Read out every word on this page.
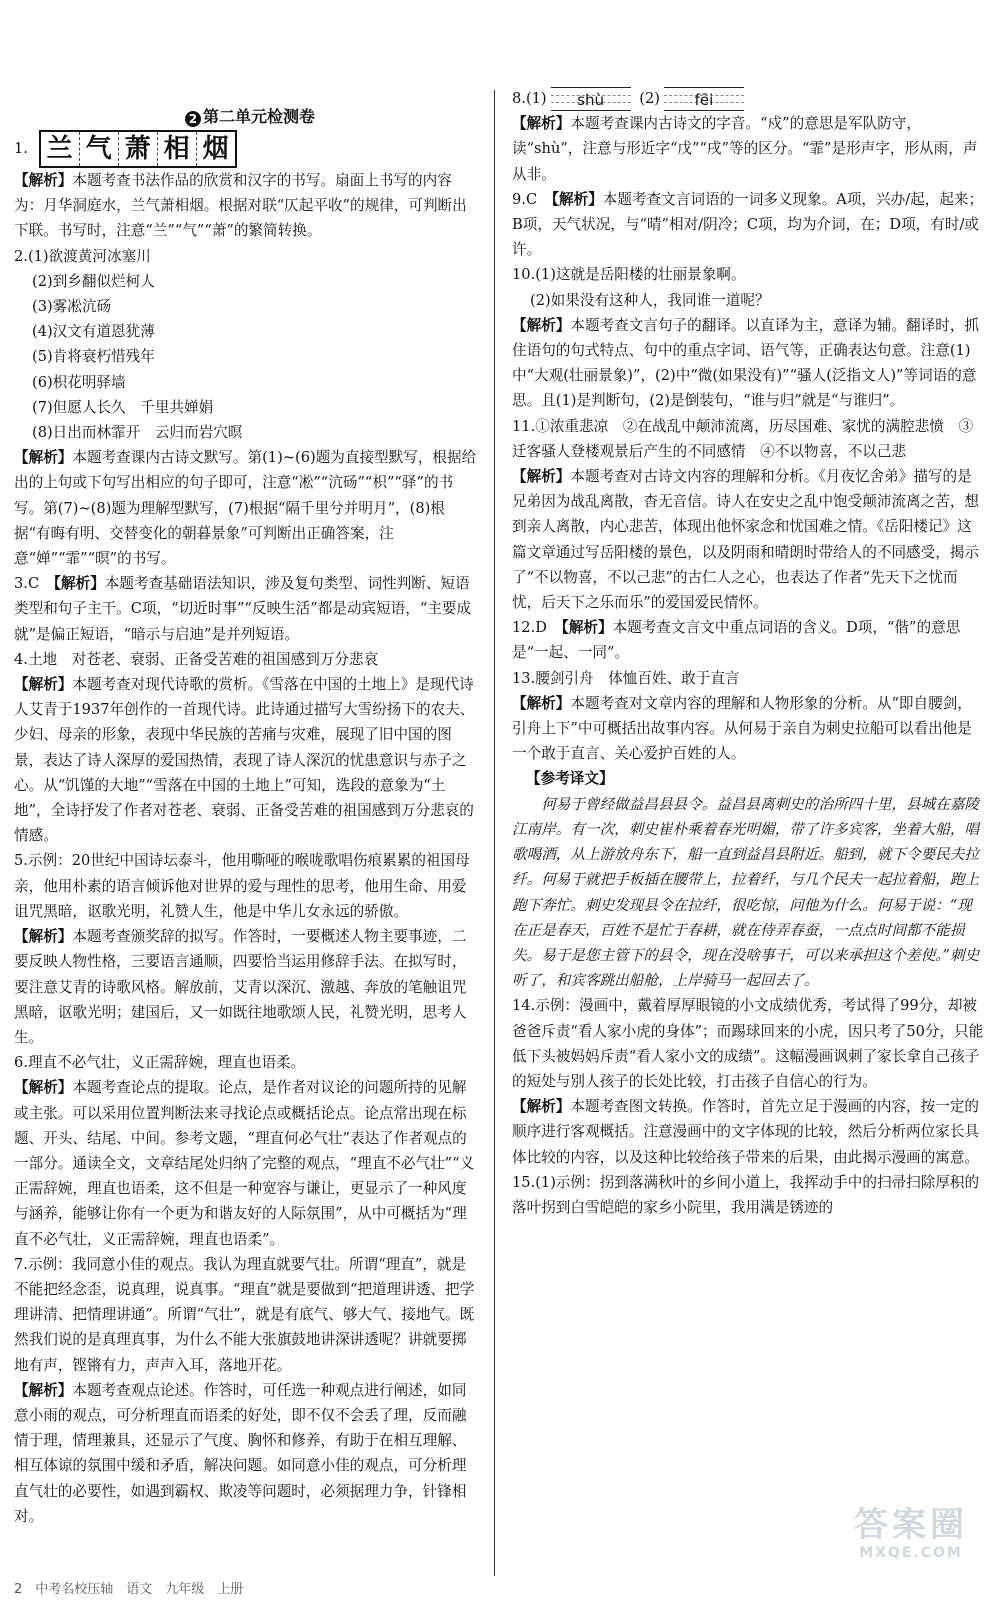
2 第二单元检测卷

1. 兰 气 萧 相 烟

【解析】本题考查书法作品的欣赏和汉字的书写。扇面上书写的内容为：月华洞庭水，兰气萧相烟。根据对联“仄起平收”的规律，可判断出下联。书写时，注意“兰”“气”“萧”的繁简转换。

2.(1)欲渡黄河冰塞川

(2)到乡翻似烂柯人

(3)雾凇沆砀

(4)汉文有道恩犹薄

(5)肯将衰朽惜残年

(6)枳花明驿墙

(7)但愿人长久　千里共婵娟

(8)日出而林霏开　云归而岩穴暝

【解析】本题考查课内古诗文默写。第(1)~(6)题为直接型默写，根据给出的上句或下句写出相应的句子即可，注意“凇”“沆砀”“枳”“驿”的书写。第(7)~(8)题为理解型默写，(7)根据“隔千里兮并明月”，(8)根据“有晦有明、交替变化的朝暮景象”可判断出正确答案，注意“婵”“霏”“暝”的书写。

3.C　 【解析】本题考查基础语法知识，涉及复句类型、词性判断、短语类型和句子主干。C项，“切近时事”“反映生活”都是动宾短语，“主要成就”是偏正短语，“暗示与启迪”是并列短语。

4.土地　对苍老、衰弱、正备受苦难的祖国感到万分悲哀

【解析】本题考查对现代诗歌的赏析。《雪落在中国的土地上》是现代诗人艾青于1937年创作的一首现代诗。此诗通过描写大雪纷扬下的农夫、少妇、母亲的形象，表现中华民族的苦痛与灾难，展现了旧中国的图景，表达了诗人深厚的爱国热情，表现了诗人深沉的忧患意识与赤子之心。从“饥馑的大地”“雪落在中国的土地上”可知，选段的意象为“土地”，全诗抒发了作者对苍老、衰弱、正备受苦难的祖国感到万分悲哀的情感。

5.示例：20世纪中国诗坛泰斗，他用嘶哑的喉咙歌唱伤痕累累的祖国母亲，他用朴素的语言倾诉他对世界的爱与理性的思考，他用生命、用爱诅咒黑暗，讴歌光明，礼赞人生，他是中华儿女永远的骄傲。

【解析】本题考查颁奖辞的拟写。作答时，一要概述人物主要事迹，二要反映人物性格，三要语言通顺，四要恰当运用修辞手法。在拟写时，要注意艾青的诗歌风格。解放前，艾青以深沉、激越、奔放的笔触诅咒黑暗，讴歌光明；建国后，又一如既往地歌颂人民，礼赞光明，思考人生。

6.理直不必气壮，义正需辞婉，理直也语柔。

【解析】本题考查论点的提取。论点，是作者对议论的问题所持的见解或主张。可以采用位置判断法来寻找论点或概括论点。论点常出现在标题、开头、结尾、中间。参考文题，“理直何必气壮”表达了作者观点的一部分。通读全文，文章结尾处归纳了完整的观点，“理直不必气壮”“义正需辞婉，理直也语柔，这不但是一种宽容与谦让，更显示了一种风度与涵养，能够让你有一个更为和谐友好的人际氛围”，从中可概括为“理直不必气壮，义正需辞婉，理直也语柔”。

7.示例：我同意小佳的观点。我认为理直就要气壮。所谓“理直”，就是不能把经念歪，说真理，说真事。“理直”就是要做到“把道理讲透、把学理讲清、把情理讲通”。所谓“气壮”，就是有底气、够大气、接地气。既然我们说的是真理真事，为什么不能大张旗鼓地讲深讲透呢？讲就要掷地有声，铿锵有力，声声入耳，落地开花。

【解析】本题考查观点论述。作答时，可任选一种观点进行阐述，如同意小雨的观点，可分析理直而语柔的好处，即不仅不会丢了理，反而融情于理，情理兼具，还显示了气度、胸怀和修养，有助于在相互理解、相互体谅的氛围中缓和矛盾，解决问题。如同意小佳的观点，可分析理直气壮的必要性，如遇到霸权、欺凌等问题时，必须据理力争，针锋相对。

8.(1) shù (2) fēi

【解析】本题考查课内古诗文的字音。“戍”的意思是军队防守，读“shù”，注意与形近字“戊”“戌”等的区分。“霏”是形声字，形从雨，声从非。

9.C　 【解析】本题考查文言词语的一词多义现象。A项，兴办/起，起来；B项，天气状况，与“晴”相对/阴冷；C项，均为介词，在；D项，有时/或许。

10.(1)这就是岳阳楼的壮丽景象啊。

(2)如果没有这种人，我同谁一道呢？

【解析】本题考查文言句子的翻译。以直译为主，意译为辅。翻译时，抓住语句的句式特点、句中的重点字词、语气等，正确表达句意。注意(1)中“大观(壮丽景象)”，(2)中“微(如果没有)”“骚人(泛指文人)”等词语的意思。且(1)是判断句，(2)是倒装句，“谁与归”就是“与谁归”。

11.①浓重悲凉　②在战乱中颠沛流离，历尽国难、家忧的满腔悲愤　③迁客骚人登楼观景后产生的不同感情　④不以物喜，不以己悲

【解析】本题考查对古诗文内容的理解和分析。《月夜忆舍弟》描写的是兄弟因为战乱离散，杳无音信。诗人在安史之乱中饱受颠沛流离之苦，想到亲人离散，内心悲苦，体现出他怀家念和忧国难之情。《岳阳楼记》这篇文章通过写岳阳楼的景色，以及阴雨和晴朗时带给人的不同感受，揭示了“不以物喜，不以己悲”的古仁人之心，也表达了作者“先天下之忧而忧，后天下之乐而乐”的爱国爱民情怀。

12.D　 【解析】本题考查文言文中重点词语的含义。D项，“偕”的意思是“一起、一同”。

13.腰剑引舟　体恤百姓、敢于直言

【解析】本题考查对文章内容的理解和人物形象的分析。从“即自腰剑，引舟上下”中可概括出故事内容。从何易于亲自为刺史拉船可以看出他是一个敢于直言、关心爱护百姓的人。

【参考译文】

何易于曾经做益昌县县令。益昌县离刺史的治所四十里，县城在嘉陵江南岸。有一次，刺史崔朴乘着春光明媚，带了许多宾客，坐着大船，唱歌喝酒，从上游放舟东下，船一直到益昌县附近。船到，就下令要民夫拉纤。何易于就把手板插在腰带上，拉着纤，与几个民夫一起拉着船，跑上跑下奔忙。刺史发现县令在拉纤，很吃惊，问他为什么。何易于说：“现在正是春天，百姓不是忙于春耕，就在侍弄春蚕，一点点时间都不能损失。易于是您主管下的县令，现在没啥事干，可以来承担这个差使。”刺史听了，和宾客跳出船舱，上岸骑马一起回去了。

14.示例：漫画中，戴着厚厚眼镜的小文成绩优秀，考试得了99分，却被爸爸斥责“看人家小虎的身体”；而踢球回来的小虎，因只考了50分，只能低下头被妈妈斥责“看人家小文的成绩”。这幅漫画讽刺了家长拿自己孩子的短处与别人孩子的长处比较，打击孩子自信心的行为。

【解析】本题考查图文转换。作答时，首先立足于漫画的内容，按一定的顺序进行客观概括。注意漫画中的文字体现的比较，然后分析两位家长具体比较的内容，以及这种比较给孩子带来的后果，由此揭示漫画的寓意。

15.(1)示例：拐到落满秋叶的乡间小道上，我挥动手中的扫帚扫除厚积的落叶拐到白雪皑皑的家乡小院里，我用满是锈迹的

2　中考名校压轴　语文　九年级　上册
答案圈
MXQE.COM
